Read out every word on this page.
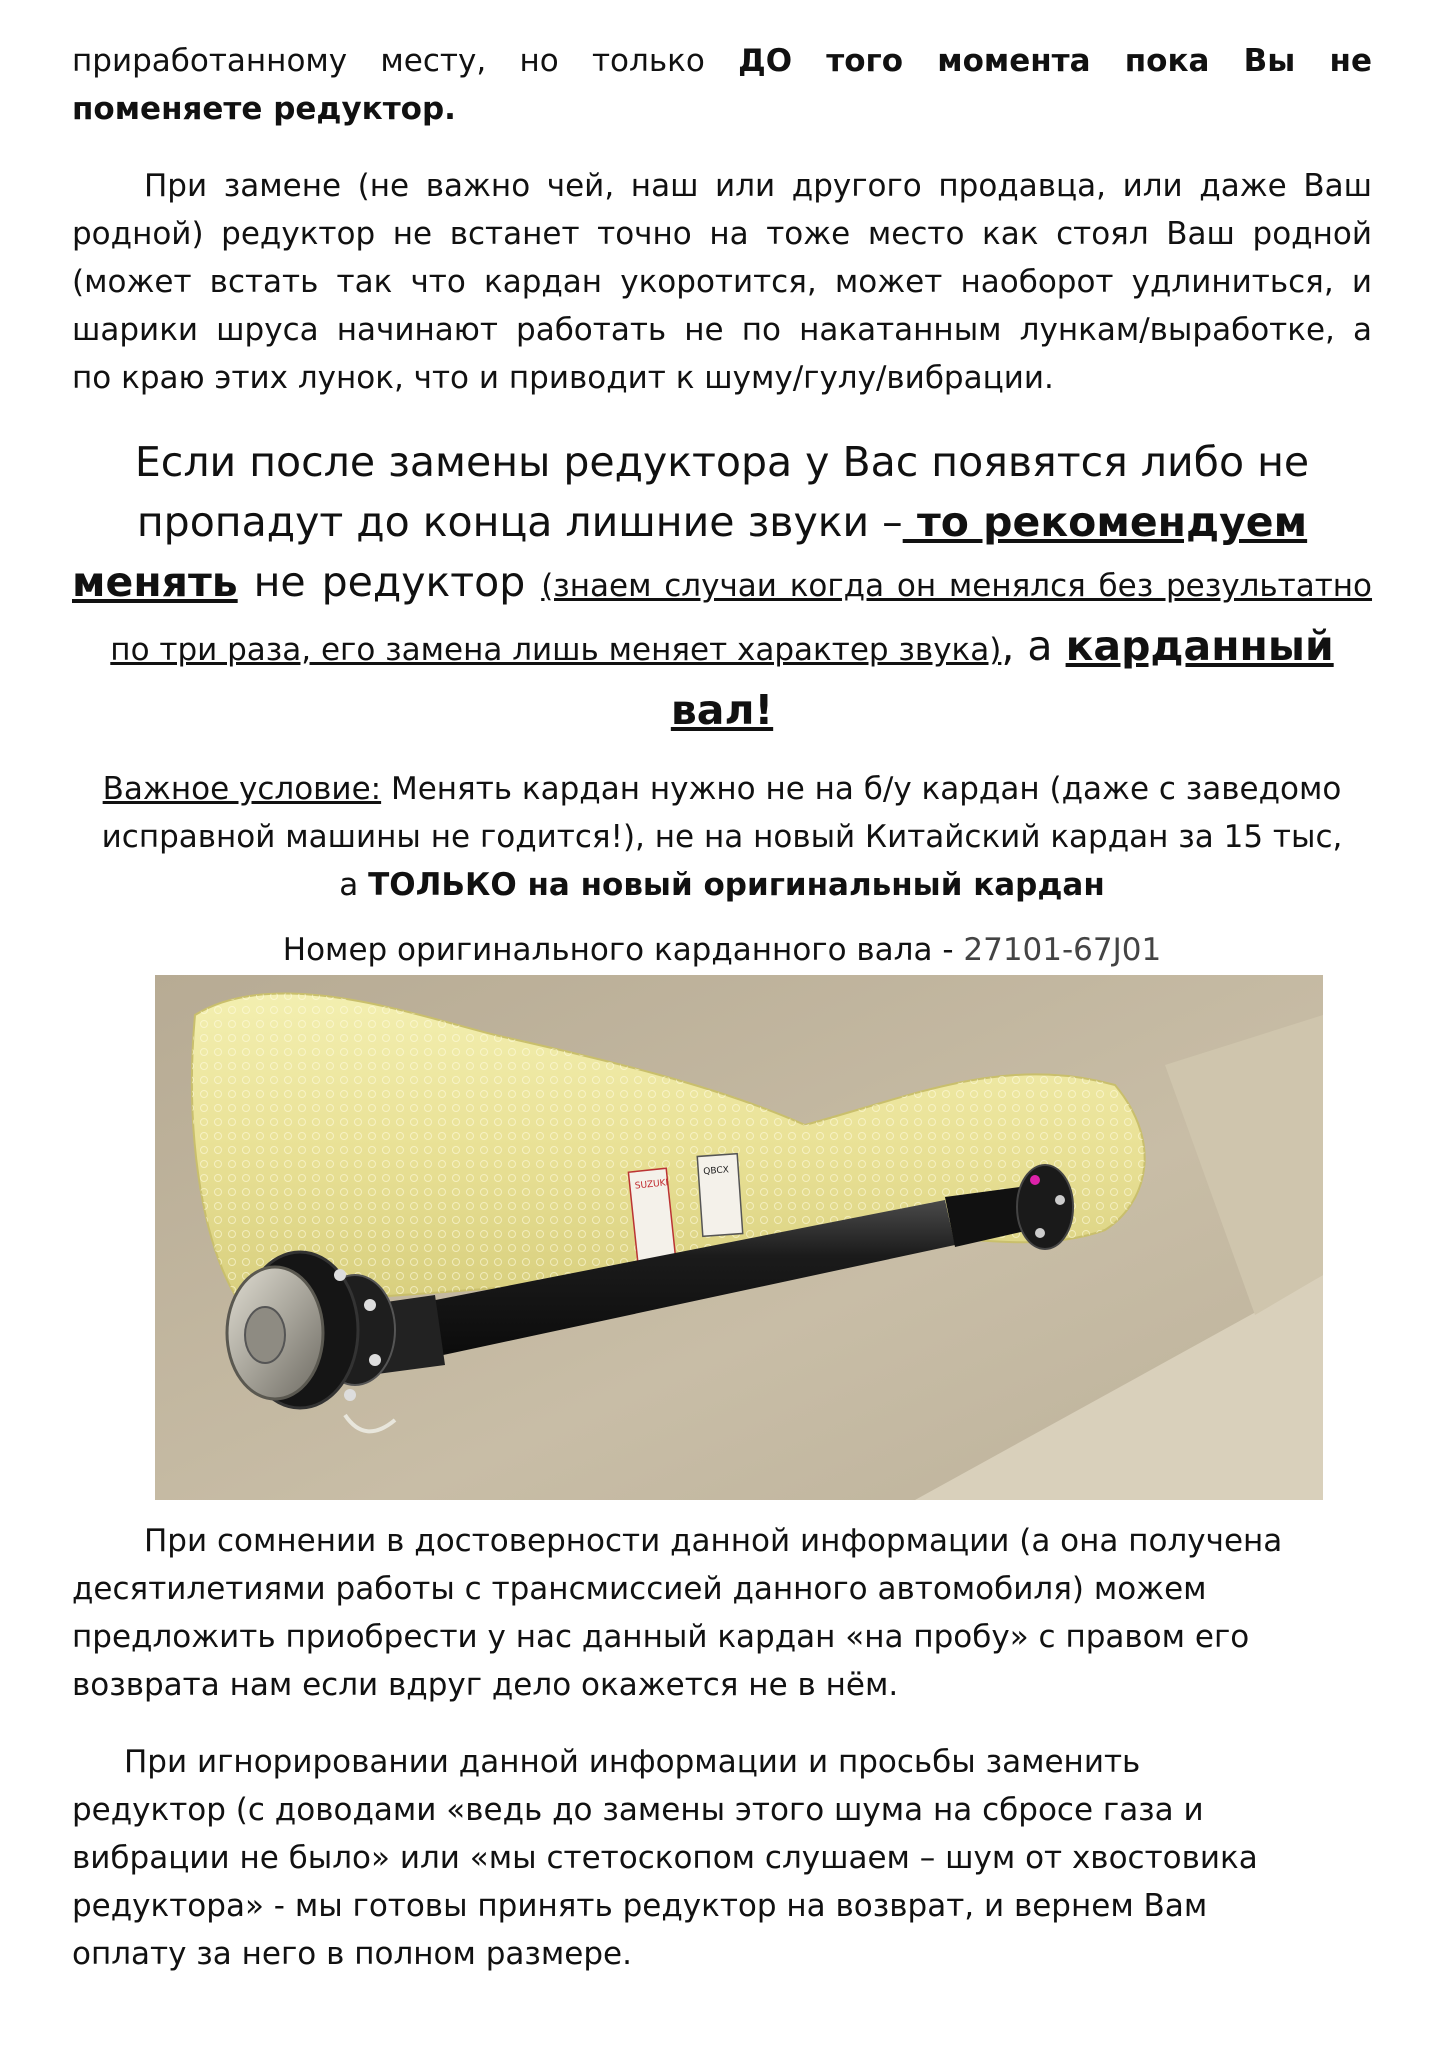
приработанному месту, но только ДО того момента пока Вы не

поменяете редуктор.

При замене (не важно чей, наш или другого продавца, или даже Ваш

родной) редуктор не встанет точно на тоже место как стоял Ваш родной

(может встать так что кардан укоротится, может наоборот удлиниться, и

шарики шруса начинают работать не по накатанным лункам/выработке, а

по краю этих лунок, что и приводит к шуму/гулу/вибрации.

Если после замены редуктора у Вас появятся либо не
пропадут до конца лишние звуки – то рекомендуем
менять не редуктор (знаем случаи когда он менялся без результатно
по три раза, его замена лишь меняет характер звука), а карданный
вал!

Важное условие: Менять кардан нужно не на б/у кардан (даже с заведомо

исправной машины не годится!), не на новый Китайский кардан за 15 тыс,

а ТОЛЬКО на новый оригинальный кардан

Номер оригинального карданного вала - 27101-67J01

SUZUKI
QBCX

При сомнении в достоверности данной информации (а она получена

десятилетиями работы с трансмиссией данного автомобиля) можем

предложить приобрести у нас данный кардан «на пробу» с правом его

возврата нам если вдруг дело окажется не в нём.

При игнорировании данной информации и просьбы заменить

редуктор (с доводами «ведь до замены этого шума на сбросе газа и

вибрации не было» или «мы стетоскопом слушаем – шум от хвостовика

редуктора» - мы готовы принять редуктор на возврат, и вернем Вам

оплату за него в полном размере.
